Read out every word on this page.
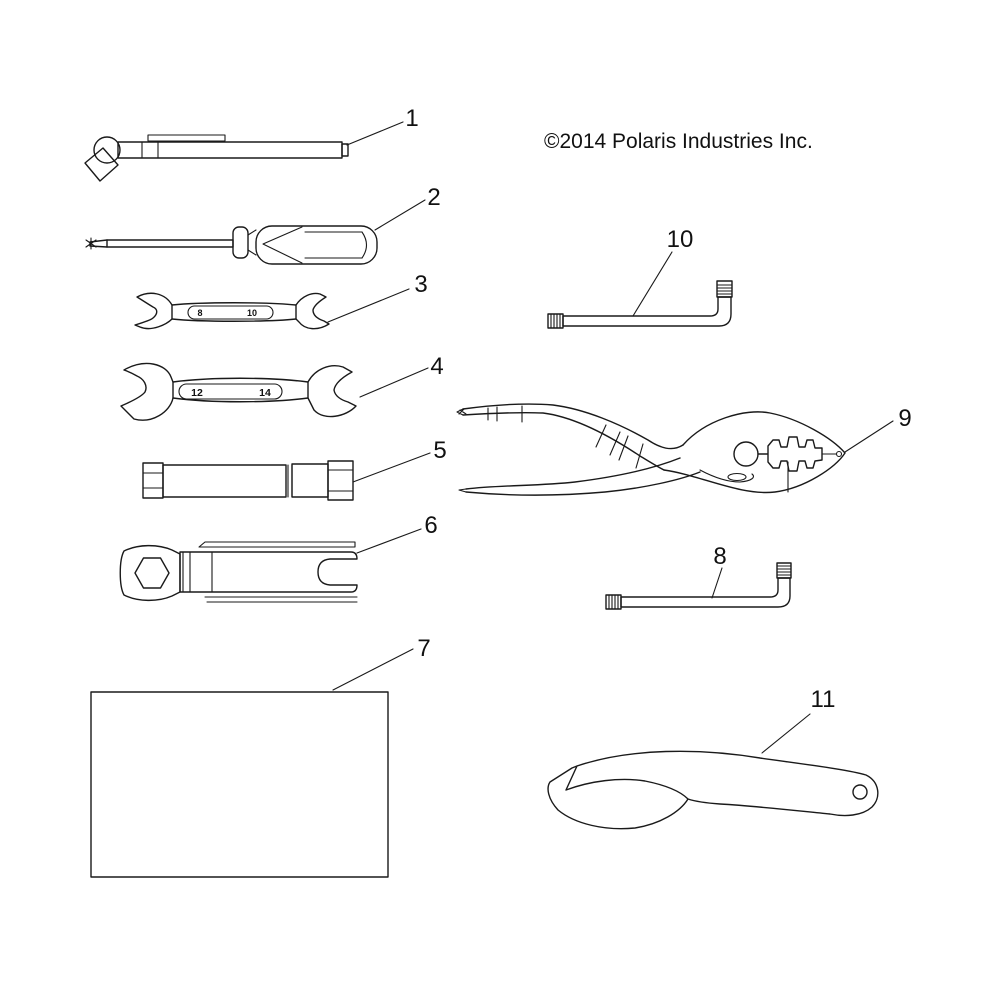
8	10
12	14
1
2
3
4
5
6
7
8
9
10
11
©2014 Polaris Industries Inc.
